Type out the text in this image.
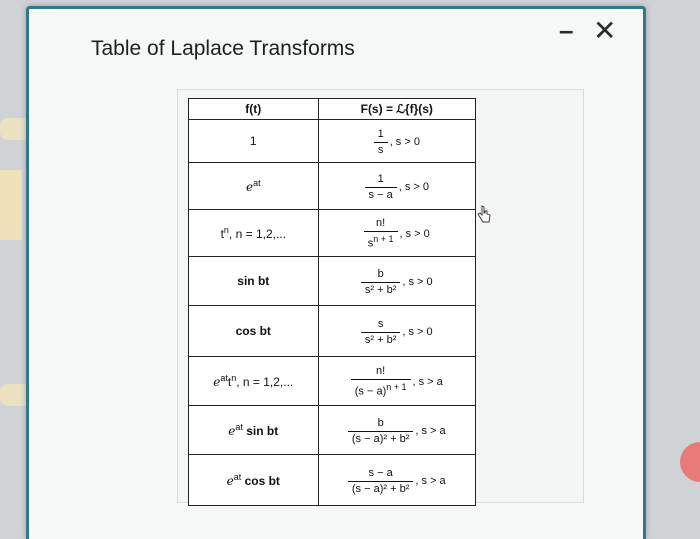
– ✕
Table of Laplace Transforms
f(t)	F(s) = ℒ{f}(s)
1	$\frac{1}{s}$ , s > 0

$e^{at}$	$\frac{1}{s - a}$ , s > 0

$t^n$, n = 1,2,...	$\frac{n!}{s^{n + 1}}$ , s > 0

sin bt	$\frac{b}{\text{s² + b²}}$ , s > 0

cos bt	$\frac{s}{\text{s² + b²}}$ , s > 0

$e^{at}t^n$, n = 1,2,...	$\frac{n!}{(s - a)^{n + 1}}$ , s > a

$e^{at}$ sin bt	$\frac{b}{\text{(s − a)² + b²}}$ , s > a

$e^{at}$ cos bt	$\frac{s - a}{\text{(s − a)² + b²}}$ , s > a
